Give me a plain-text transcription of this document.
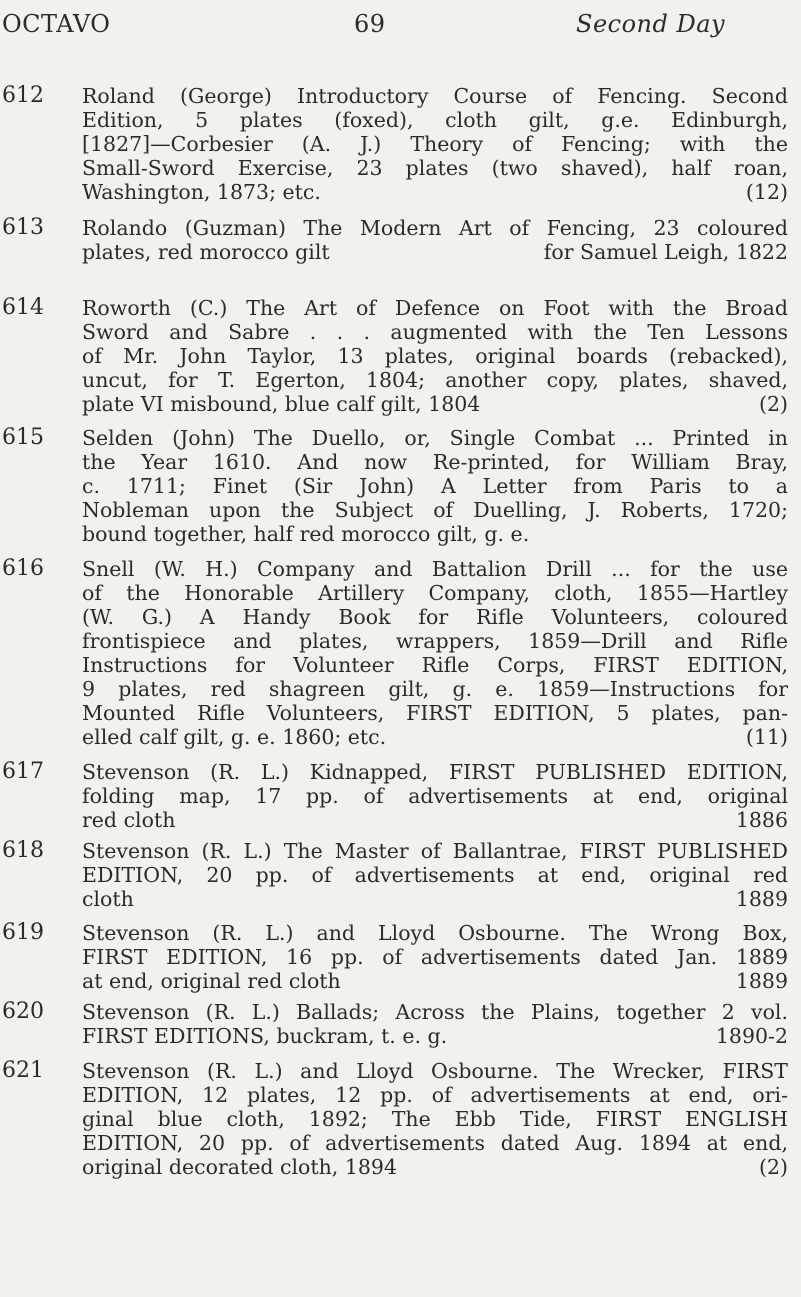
OCTAVO	69	Second Day
612 Roland (George) Introductory Course of Fencing. Second
Edition, 5 plates (foxed), cloth gilt, g.e. Edinburgh,
[1827]—Corbesier (A. J.) Theory of Fencing; with the
Small-Sword Exercise, 23 plates (two shaved), half roan,
Washington, 1873; etc.	(12)
613 Rolando (Guzman) The Modern Art of Fencing, 23 coloured
plates, red morocco gilt	for Samuel Leigh, 1822
614 Roworth (C.) The Art of Defence on Foot with the Broad
Sword and Sabre . . . augmented with the Ten Lessons
of Mr. John Taylor, 13 plates, original boards (rebacked),
uncut, for T. Egerton, 1804; another copy, plates, shaved,
plate VI misbound, blue calf gilt, 1804	(2)
615 Selden (John) The Duello, or, Single Combat ... Printed in
the Year 1610. And now Re-printed, for William Bray,
c. 1711; Finet (Sir John) A Letter from Paris to a
Nobleman upon the Subject of Duelling, J. Roberts, 1720;
bound together, half red morocco gilt, g. e.
616 Snell (W. H.) Company and Battalion Drill ... for the use
of the Honorable Artillery Company, cloth, 1855—Hartley
(W. G.) A Handy Book for Rifle Volunteers, coloured
frontispiece and plates, wrappers, 1859—Drill and Rifle
Instructions for Volunteer Rifle Corps, FIRST EDITION,
9 plates, red shagreen gilt, g. e. 1859—Instructions for
Mounted Rifle Volunteers, FIRST EDITION, 5 plates, pan-
elled calf gilt, g. e. 1860; etc.	(11)
617 Stevenson (R. L.) Kidnapped, FIRST PUBLISHED EDITION,
folding map, 17 pp. of advertisements at end, original
red cloth	1886
618 Stevenson (R. L.) The Master of Ballantrae, FIRST PUBLISHED
EDITION, 20 pp. of advertisements at end, original red
cloth	1889
619 Stevenson (R. L.) and Lloyd Osbourne. The Wrong Box,
FIRST EDITION, 16 pp. of advertisements dated Jan. 1889
at end, original red cloth	1889
620 Stevenson (R. L.) Ballads; Across the Plains, together 2 vol.
FIRST EDITIONS, buckram, t. e. g.	1890-2
621 Stevenson (R. L.) and Lloyd Osbourne. The Wrecker, FIRST
EDITION, 12 plates, 12 pp. of advertisements at end, ori-
ginal blue cloth, 1892; The Ebb Tide, FIRST ENGLISH
EDITION, 20 pp. of advertisements dated Aug. 1894 at end,
original decorated cloth, 1894	(2)
